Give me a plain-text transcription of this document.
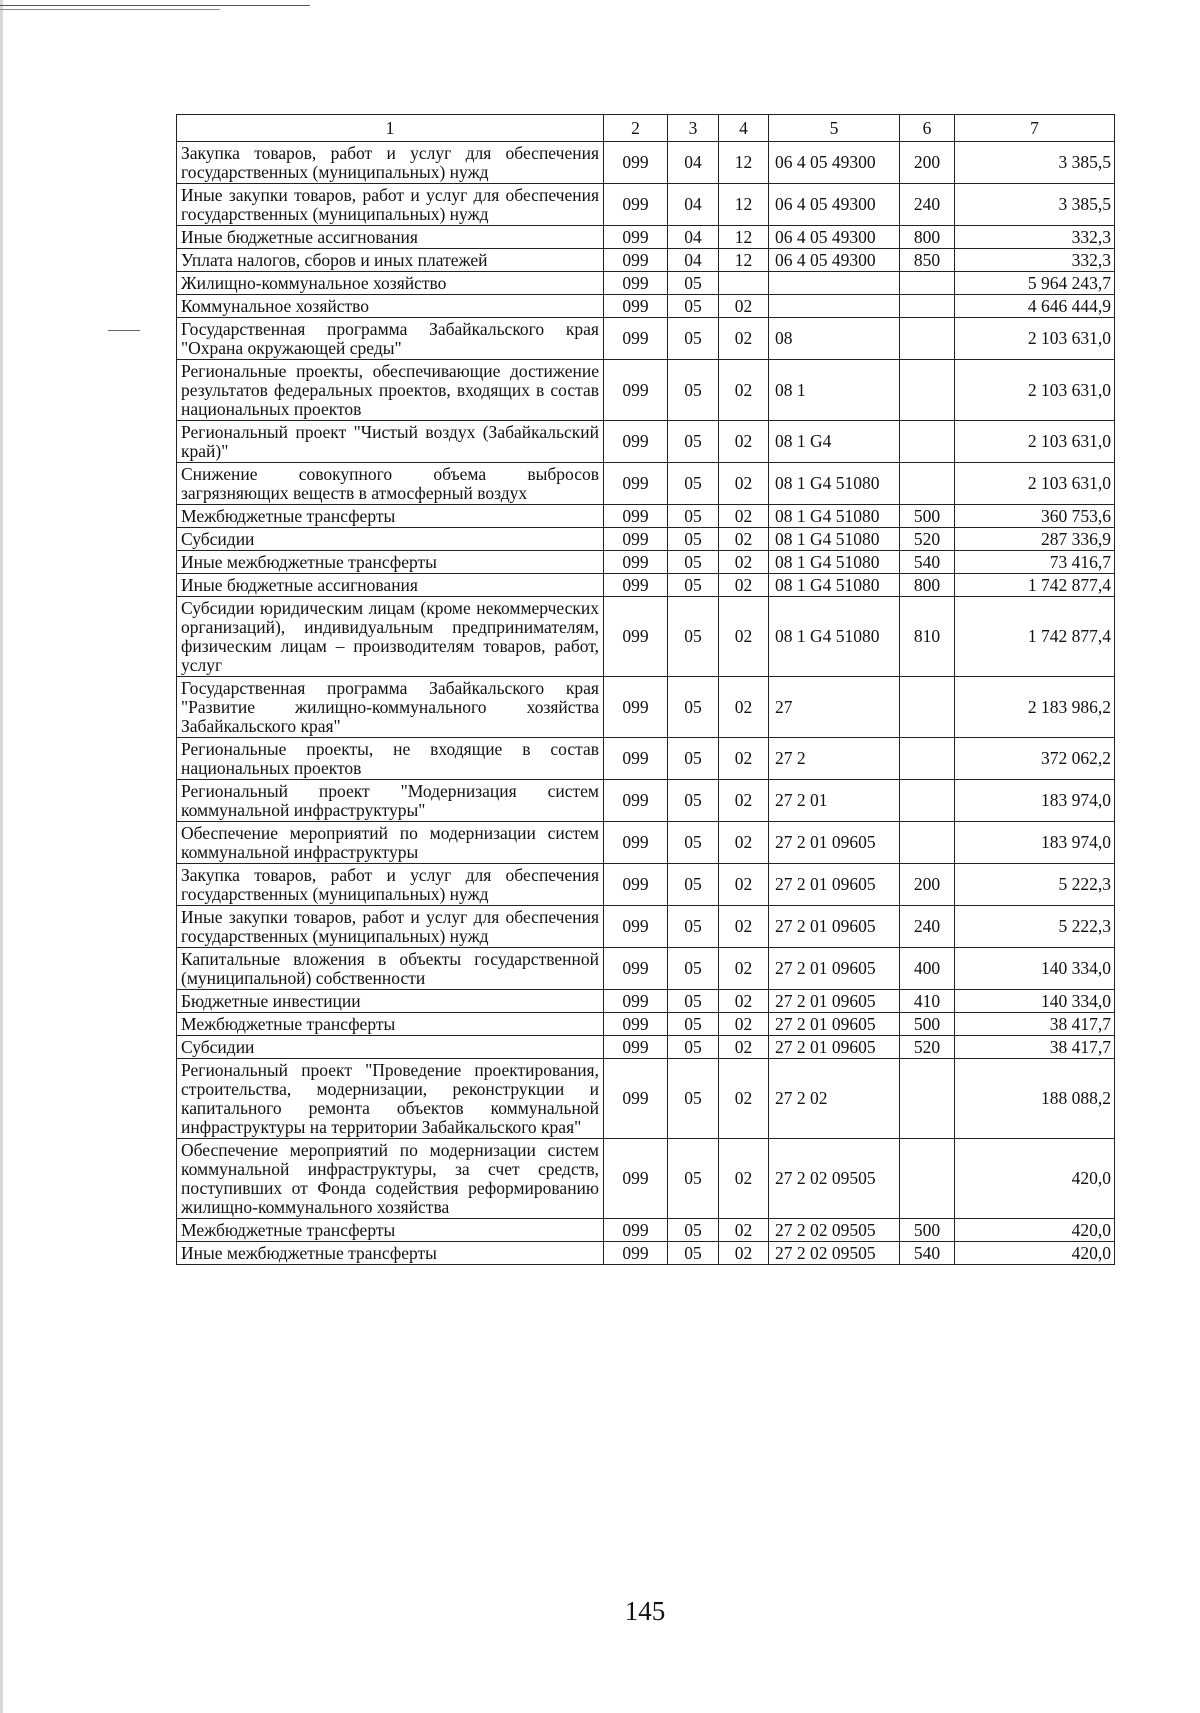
1	2	3	4	5	6	7
Закупка товаров, работ и услуг для обеспечения государственных (муниципальных) нужд	099	04	12	06 4 05 49300	200	3 385,5
Иные закупки товаров, работ и услуг для обеспечения государственных (муниципальных) нужд	099	04	12	06 4 05 49300	240	3 385,5
Иные бюджетные ассигнования	099	04	12	06 4 05 49300	800	332,3
Уплата налогов, сборов и иных платежей	099	04	12	06 4 05 49300	850	332,3
Жилищно-коммунальное хозяйство	099	05				5 964 243,7
Коммунальное хозяйство	099	05	02			4 646 444,9
Государственная программа Забайкальского края "Охрана окружающей среды"	099	05	02	08		2 103 631,0
Региональные проекты, обеспечивающие достижение результатов федеральных проектов, входящих в состав национальных проектов	099	05	02	08 1		2 103 631,0
Региональный проект "Чистый воздух (Забайкальский край)"	099	05	02	08 1 G4		2 103 631,0
Снижение совокупного объема выбросов загрязняющих веществ в атмосферный воздух	099	05	02	08 1 G4 51080		2 103 631,0
Межбюджетные трансферты	099	05	02	08 1 G4 51080	500	360 753,6
Субсидии	099	05	02	08 1 G4 51080	520	287 336,9
Иные межбюджетные трансферты	099	05	02	08 1 G4 51080	540	73 416,7
Иные бюджетные ассигнования	099	05	02	08 1 G4 51080	800	1 742 877,4
Субсидии юридическим лицам (кроме некоммерческих организаций), индивидуальным предпринимателям, физическим лицам – производителям товаров, работ, услуг	099	05	02	08 1 G4 51080	810	1 742 877,4
Государственная программа Забайкальского края "Развитие жилищно-коммунального хозяйства Забайкальского края"	099	05	02	27		2 183 986,2
Региональные проекты, не входящие в состав национальных проектов	099	05	02	27 2		372 062,2
Региональный проект "Модернизация систем коммунальной инфраструктуры"	099	05	02	27 2 01		183 974,0
Обеспечение мероприятий по модернизации систем коммунальной инфраструктуры	099	05	02	27 2 01 09605		183 974,0
Закупка товаров, работ и услуг для обеспечения государственных (муниципальных) нужд	099	05	02	27 2 01 09605	200	5 222,3
Иные закупки товаров, работ и услуг для обеспечения государственных (муниципальных) нужд	099	05	02	27 2 01 09605	240	5 222,3
Капитальные вложения в объекты государственной (муниципальной) собственности	099	05	02	27 2 01 09605	400	140 334,0
Бюджетные инвестиции	099	05	02	27 2 01 09605	410	140 334,0
Межбюджетные трансферты	099	05	02	27 2 01 09605	500	38 417,7
Субсидии	099	05	02	27 2 01 09605	520	38 417,7
Региональный проект "Проведение проектирования, строительства, модернизации, реконструкции и капитального ремонта объектов коммунальной инфраструктуры на территории Забайкальского края"	099	05	02	27 2 02		188 088,2
Обеспечение мероприятий по модернизации систем коммунальной инфраструктуры, за счет средств, поступивших от Фонда содействия реформированию жилищно-коммунального хозяйства	099	05	02	27 2 02 09505		420,0
Межбюджетные трансферты	099	05	02	27 2 02 09505	500	420,0
Иные межбюджетные трансферты	099	05	02	27 2 02 09505	540	420,0
145
